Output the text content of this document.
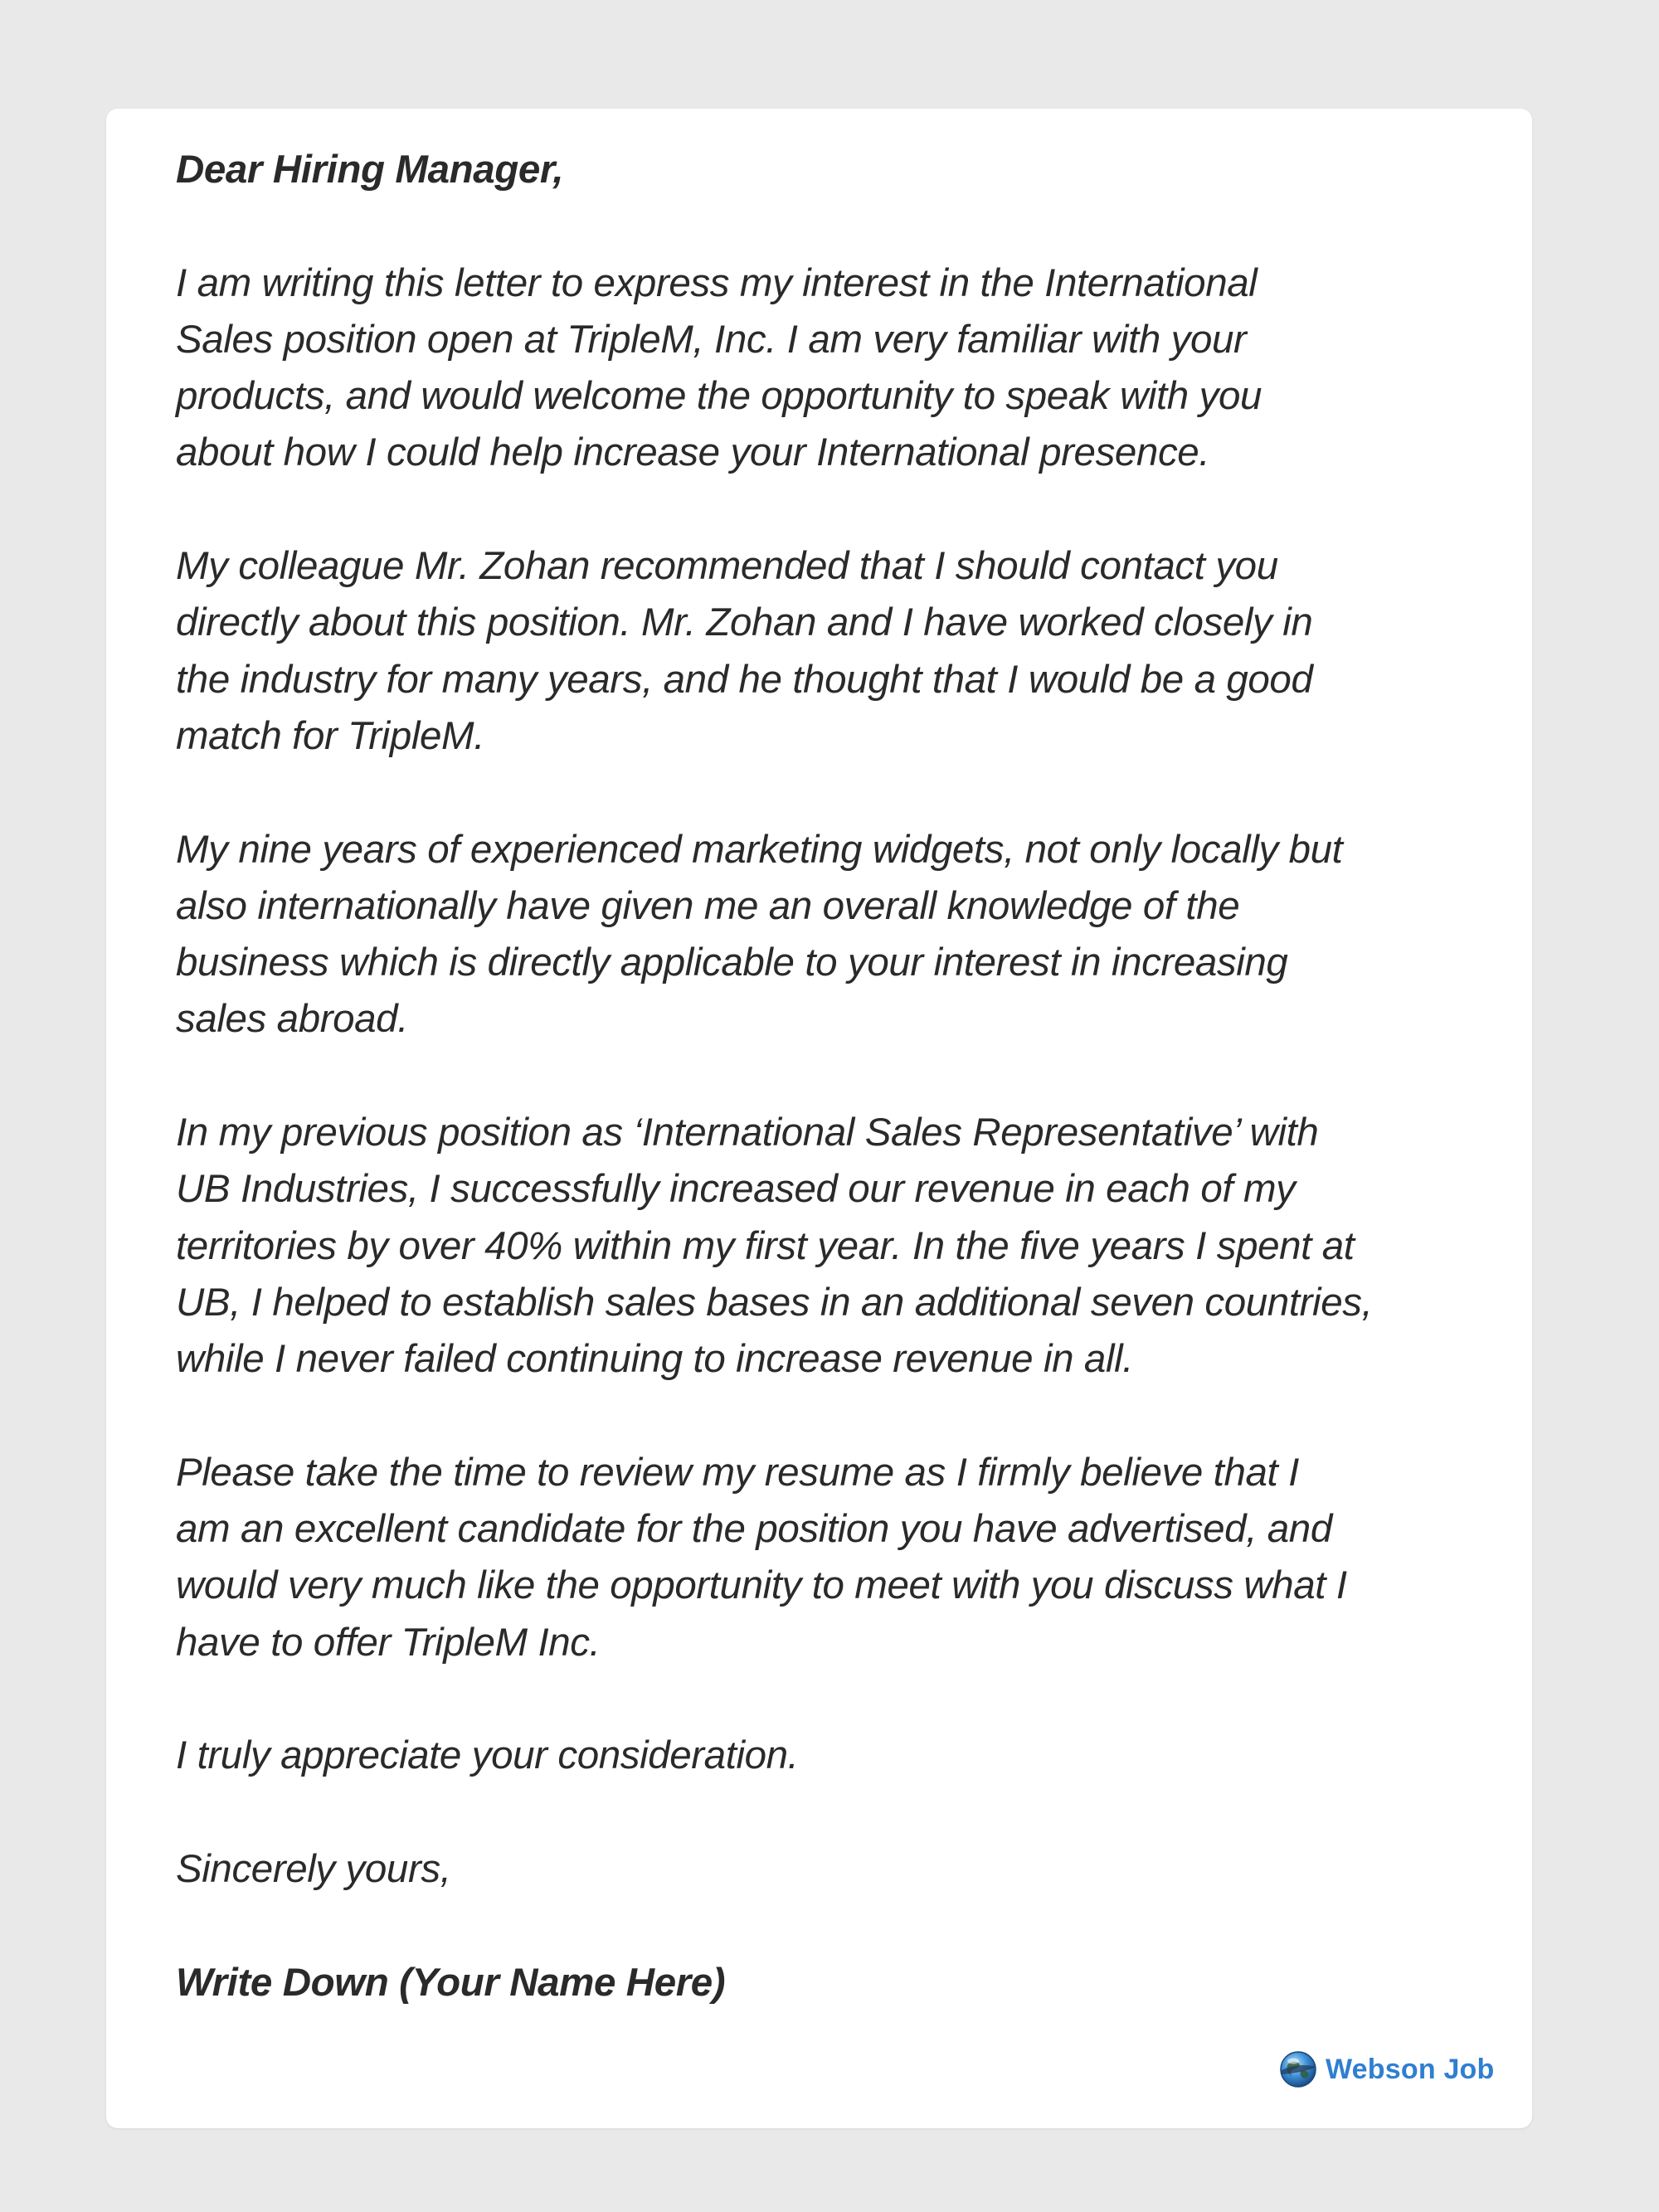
Dear Hiring Manager,

I am writing this letter to express my interest in the International
Sales position open at TripleM, Inc. I am very familiar with your
products, and would welcome the opportunity to speak with you
about how I could help increase your International presence.

My colleague Mr. Zohan recommended that I should contact you
directly about this position. Mr. Zohan and I have worked closely in
the industry for many years, and he thought that I would be a good
match for TripleM.

My nine years of experienced marketing widgets, not only locally but
also internationally have given me an overall knowledge of the
business which is directly applicable to your interest in increasing
sales abroad.

In my previous position as ‘International Sales Representative’ with
UB Industries, I successfully increased our revenue in each of my
territories by over 40% within my first year. In the five years I spent at
UB, I helped to establish sales bases in an additional seven countries,
while I never failed continuing to increase revenue in all.

Please take the time to review my resume as I firmly believe that I
am an excellent candidate for the position you have advertised, and
would very much like the opportunity to meet with you discuss what I
have to offer TripleM Inc.

I truly appreciate your consideration.

Sincerely yours,

Write Down (Your Name Here)

Webson Job
